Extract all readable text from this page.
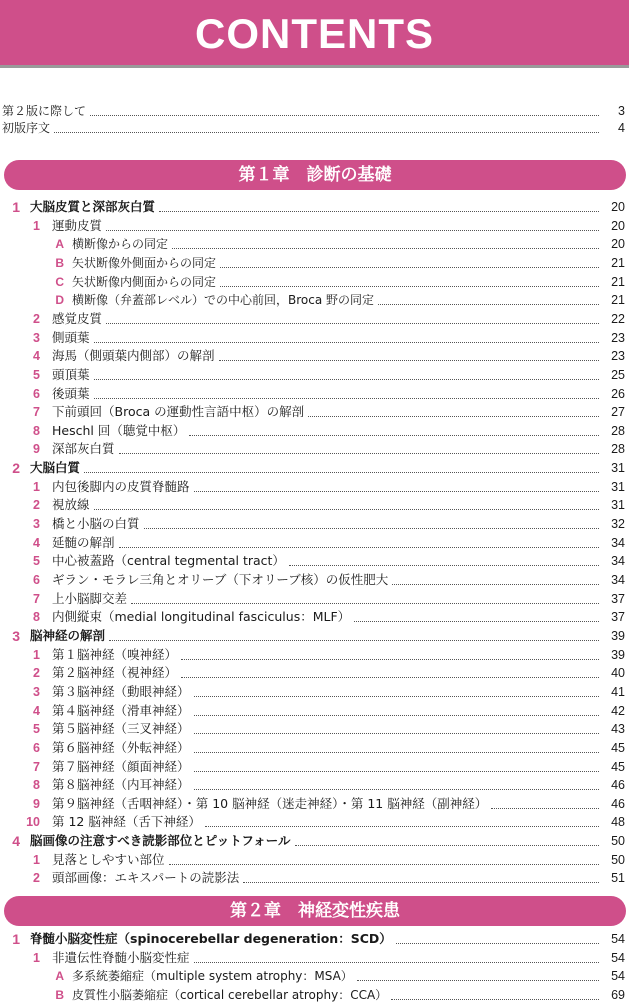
CONTENTS
第２版に際して	3
初版序文	4
第１章　診断の基礎
1 大脳皮質と深部灰白質	20
1 運動皮質	20
A 横断像からの同定	20
B 矢状断像外側面からの同定	21
C 矢状断像内側面からの同定	21
D 横断像（弁蓋部レベル）での中心前回，Broca 野の同定	21
2 感覚皮質	22
3 側頭葉	23
4 海馬（側頭葉内側部）の解剖	23
5 頭頂葉	25
6 後頭葉	26
7 下前頭回（Broca の運動性言語中枢）の解剖	27
8 Heschl 回（聴覚中枢）	28
9 深部灰白質	28
2 大脳白質	31
1 内包後脚内の皮質脊髄路	31
2 視放線	31
3 橋と小脳の白質	32
4 延髄の解剖	34
5 中心被蓋路（central tegmental tract）	34
6 ギラン・モラレ三角とオリーブ（下オリーブ核）の仮性肥大	34
7 上小脳脚交差	37
8 内側縦束（medial longitudinal fasciculus：MLF）	37
3 脳神経の解剖	39
1 第１脳神経（嗅神経）	39
2 第２脳神経（視神経）	40
3 第３脳神経（動眼神経）	41
4 第４脳神経（滑車神経）	42
5 第５脳神経（三叉神経）	43
6 第６脳神経（外転神経）	45
7 第７脳神経（顔面神経）	45
8 第８脳神経（内耳神経）	46
9 第９脳神経（舌咽神経）・第 10 脳神経（迷走神経）・第 11 脳神経（副神経）	46
10 第 12 脳神経（舌下神経）	48
4 脳画像の注意すべき読影部位とピットフォール	50
1 見落としやすい部位	50
2 頭部画像：エキスパートの読影法	51
第２章　神経変性疾患
1 脊髄小脳変性症（spinocerebellar degeneration：SCD）	54
1 非遺伝性脊髄小脳変性症	54
A 多系統萎縮症（multiple system atrophy：MSA）	54
B 皮質性小脳萎縮症（cortical cerebellar atrophy：CCA）	69
